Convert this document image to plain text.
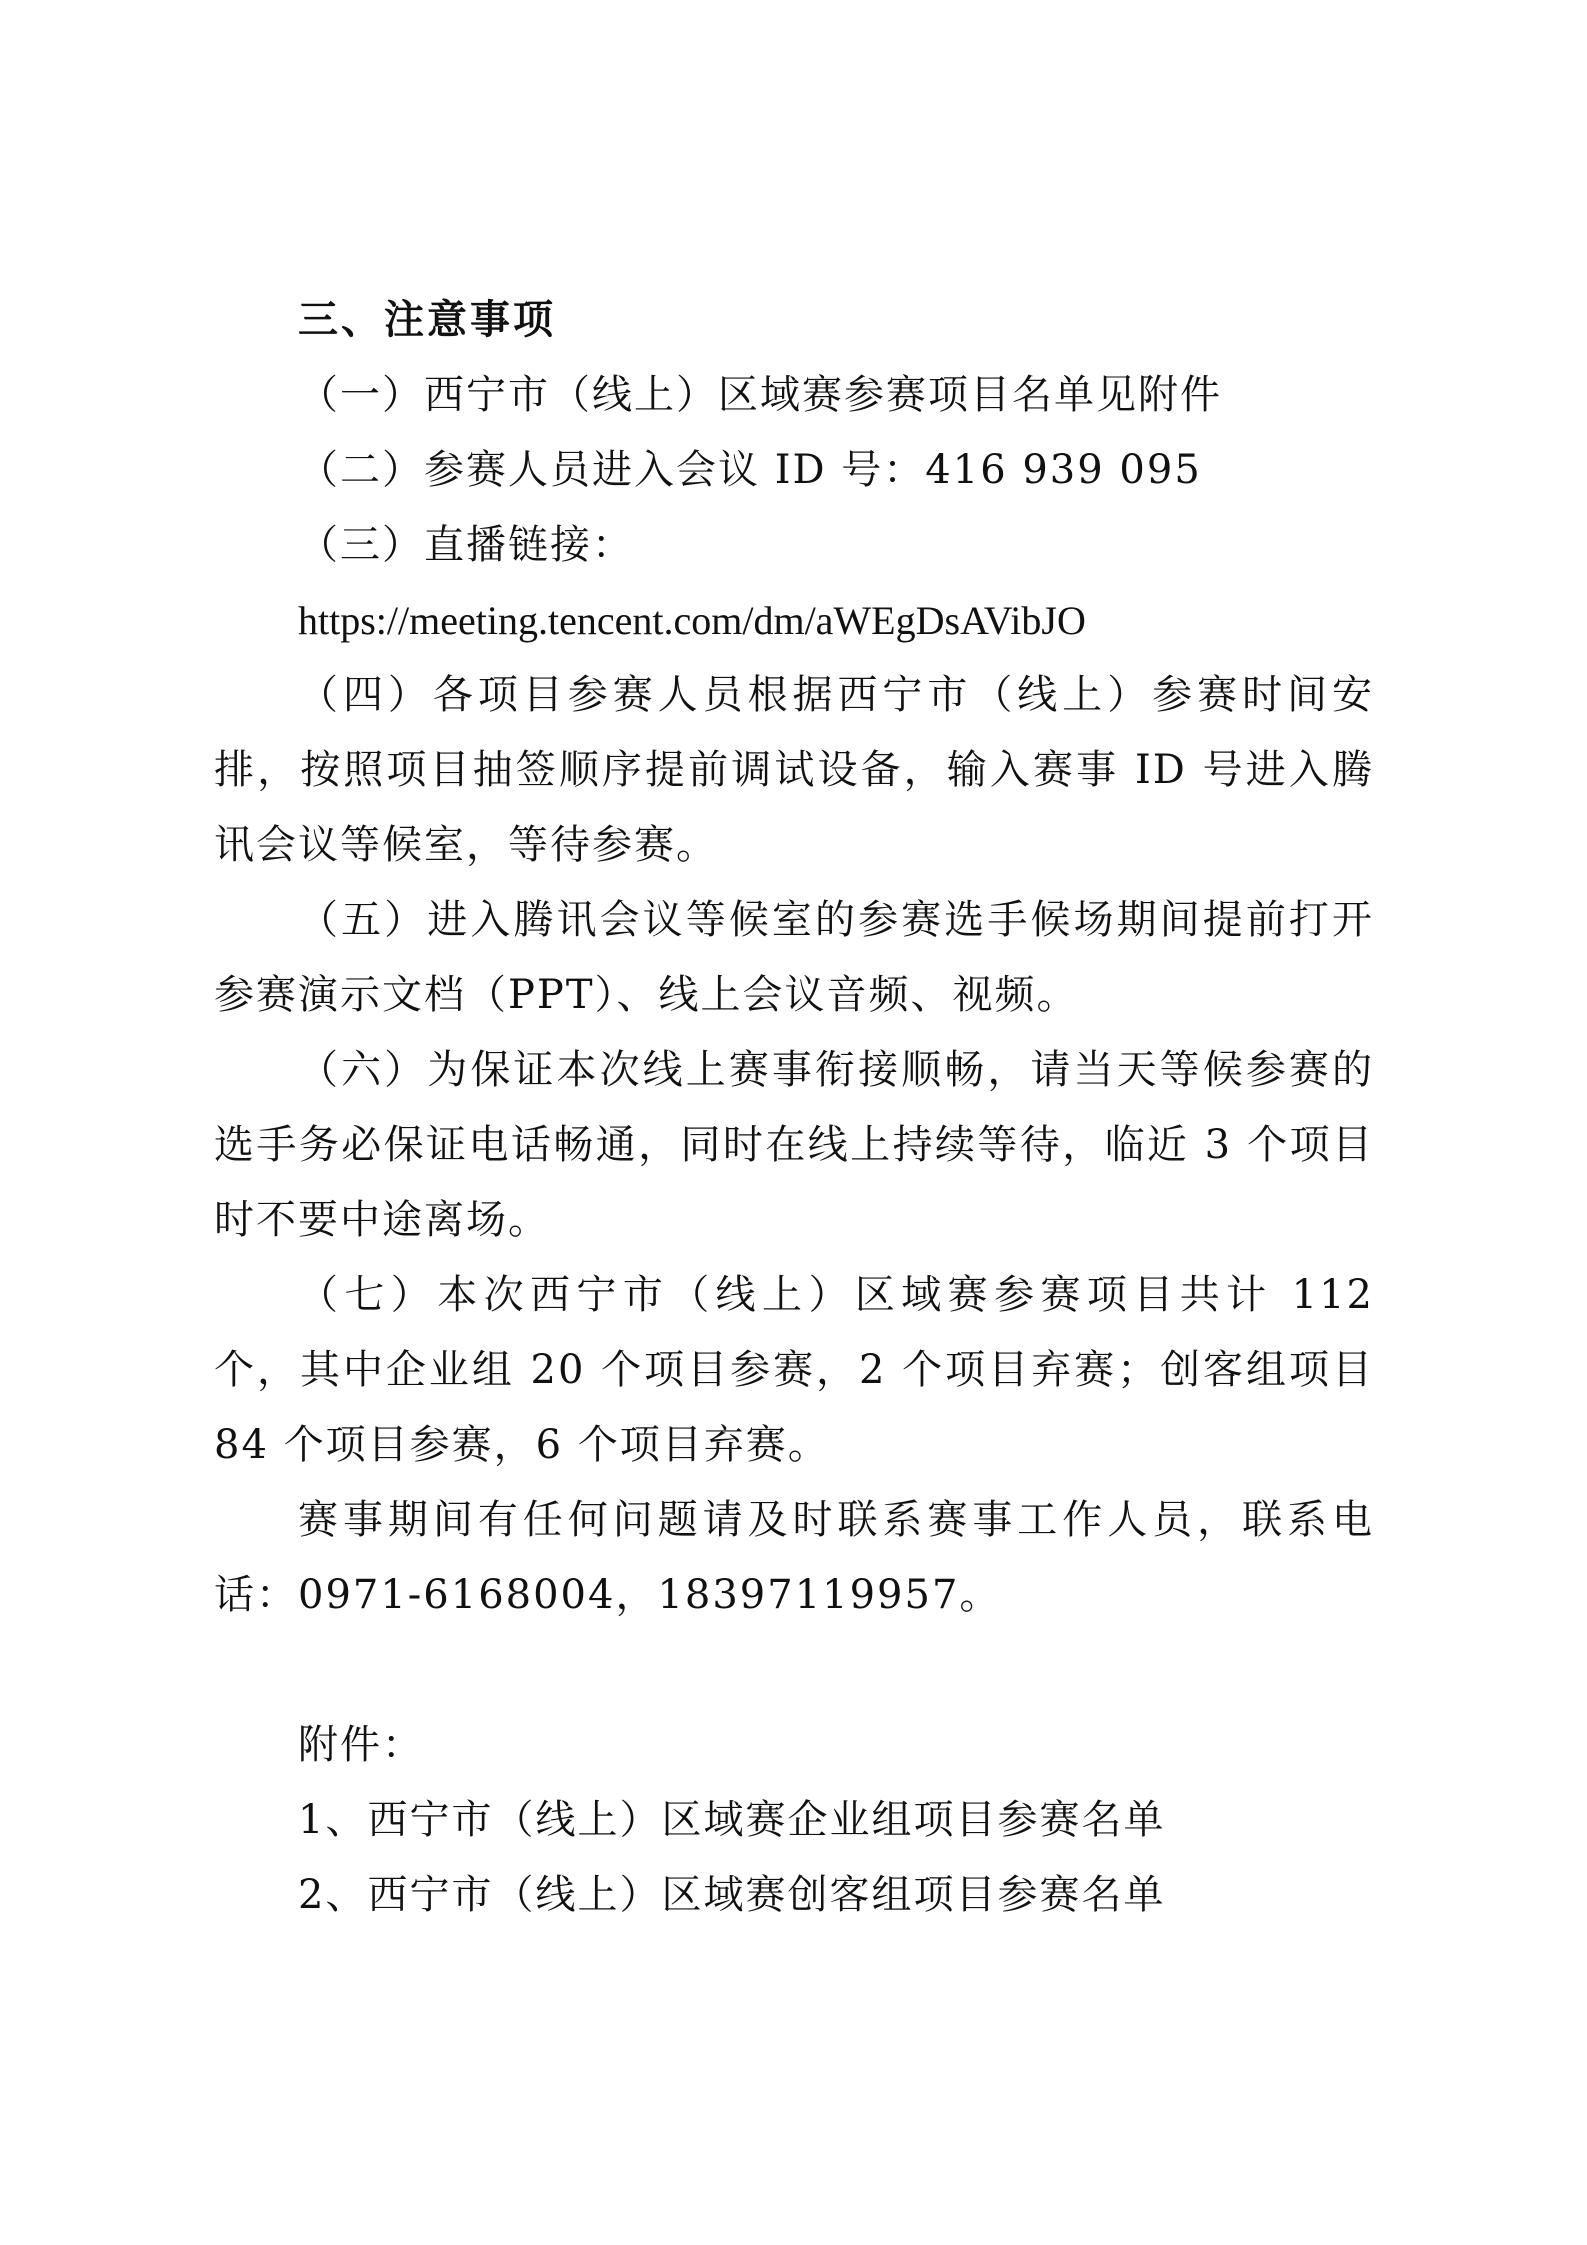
三、注意事项

（一）西宁市（线上）区域赛参赛项目名单见附件

（二）参赛人员进入会议 ID 号：416 939 095

（三）直播链接：

https://meeting.tencent.com/dm/aWEgDsAVibJO

（四）各项目参赛人员根据西宁市（线上）参赛时间安排，按照项目抽签顺序提前调试设备，输入赛事 ID 号进入腾讯会议等候室，等待参赛。

（五）进入腾讯会议等候室的参赛选手候场期间提前打开参赛演示文档（PPT）、线上会议音频、视频。

（六）为保证本次线上赛事衔接顺畅，请当天等候参赛的选手务必保证电话畅通，同时在线上持续等待，临近 3 个项目时不要中途离场。

（七）本次西宁市（线上）区域赛参赛项目共计 112 个，其中企业组 20 个项目参赛，2 个项目弃赛；创客组项目 84 个项目参赛，6 个项目弃赛。

赛事期间有任何问题请及时联系赛事工作人员，联系电话：0971-6168004，18397119957。

附件：

1、西宁市（线上）区域赛企业组项目参赛名单

2、西宁市（线上）区域赛创客组项目参赛名单
